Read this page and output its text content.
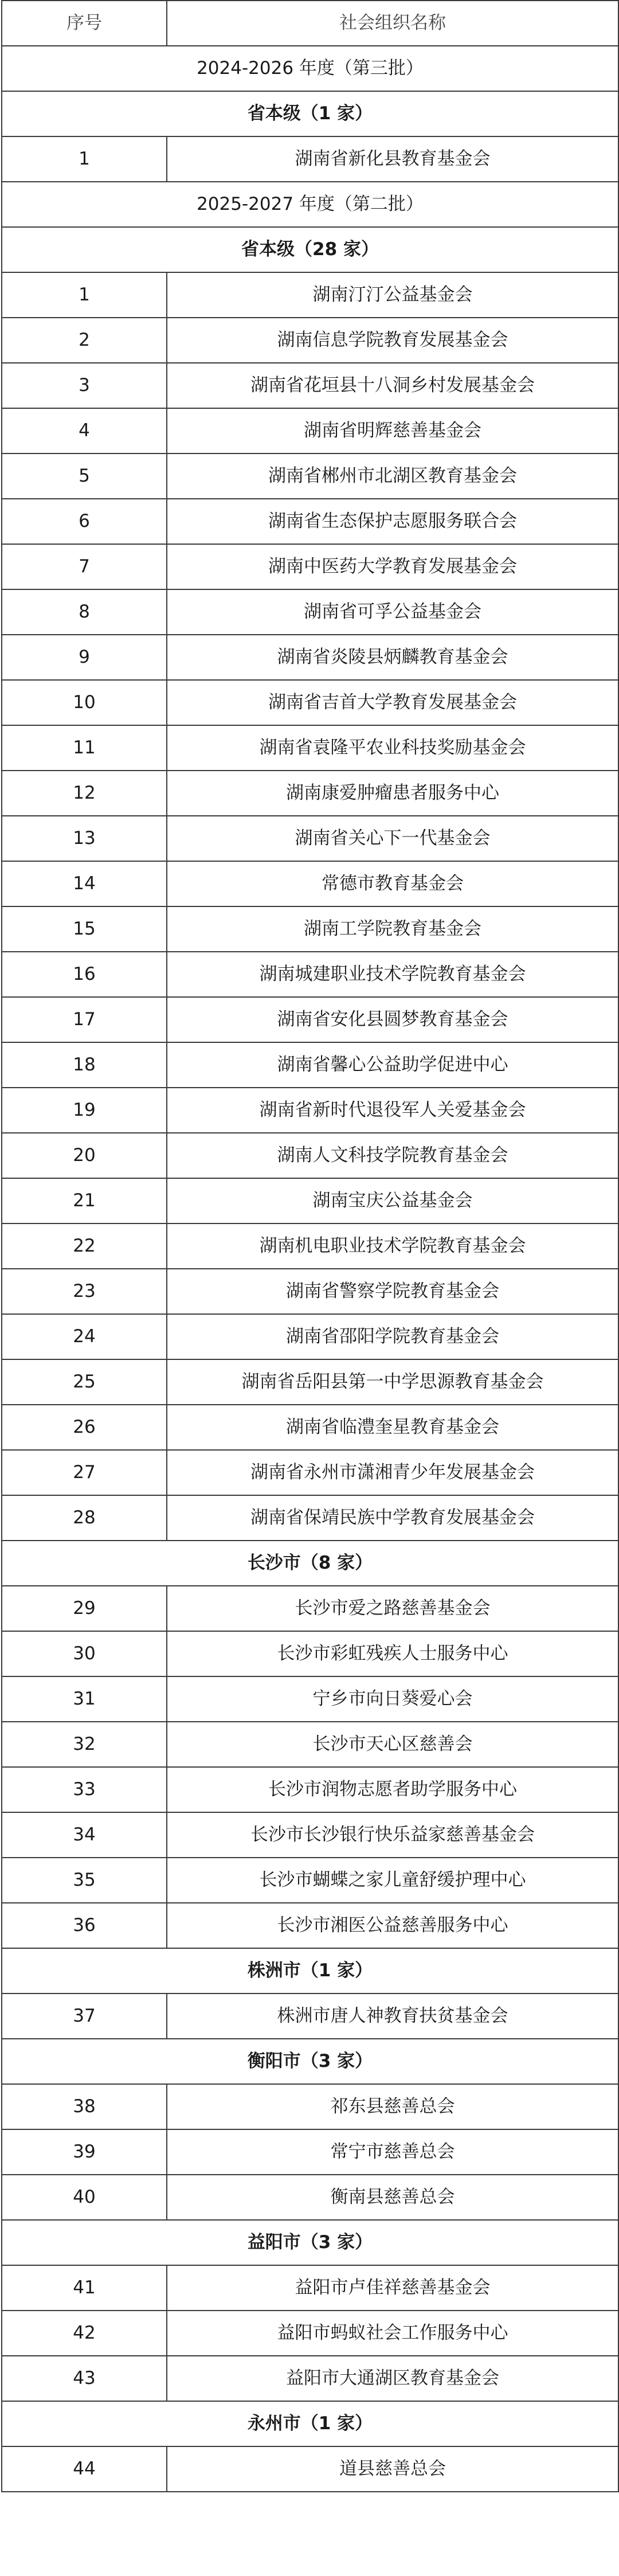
序号	社会组织名称
2024-2026 年度（第三批）	
省本级（1 家）	
1	湖南省新化县教育基金会
2025-2027 年度（第二批）	
省本级（28 家）	
1	湖南汀汀公益基金会
2	湖南信息学院教育发展基金会
3	湖南省花垣县十八洞乡村发展基金会
4	湖南省明辉慈善基金会
5	湖南省郴州市北湖区教育基金会
6	湖南省生态保护志愿服务联合会
7	湖南中医药大学教育发展基金会
8	湖南省可孚公益基金会
9	湖南省炎陵县炳麟教育基金会
10	湖南省吉首大学教育发展基金会
11	湖南省袁隆平农业科技奖励基金会
12	湖南康爱肿瘤患者服务中心
13	湖南省关心下一代基金会
14	常德市教育基金会
15	湖南工学院教育基金会
16	湖南城建职业技术学院教育基金会
17	湖南省安化县圆梦教育基金会
18	湖南省馨心公益助学促进中心
19	湖南省新时代退役军人关爱基金会
20	湖南人文科技学院教育基金会
21	湖南宝庆公益基金会
22	湖南机电职业技术学院教育基金会
23	湖南省警察学院教育基金会
24	湖南省邵阳学院教育基金会
25	湖南省岳阳县第一中学思源教育基金会
26	湖南省临澧奎星教育基金会
27	湖南省永州市潇湘青少年发展基金会
28	湖南省保靖民族中学教育发展基金会
长沙市（8 家）	
29	长沙市爱之路慈善基金会
30	长沙市彩虹残疾人士服务中心
31	宁乡市向日葵爱心会
32	长沙市天心区慈善会
33	长沙市润物志愿者助学服务中心
34	长沙市长沙银行快乐益家慈善基金会
35	长沙市蝴蝶之家儿童舒缓护理中心
36	长沙市湘医公益慈善服务中心
株洲市（1 家）	
37	株洲市唐人神教育扶贫基金会
衡阳市（3 家）	
38	祁东县慈善总会
39	常宁市慈善总会
40	衡南县慈善总会
益阳市（3 家）	
41	益阳市卢佳祥慈善基金会
42	益阳市蚂蚁社会工作服务中心
43	益阳市大通湖区教育基金会
永州市（1 家）	
44	道县慈善总会
